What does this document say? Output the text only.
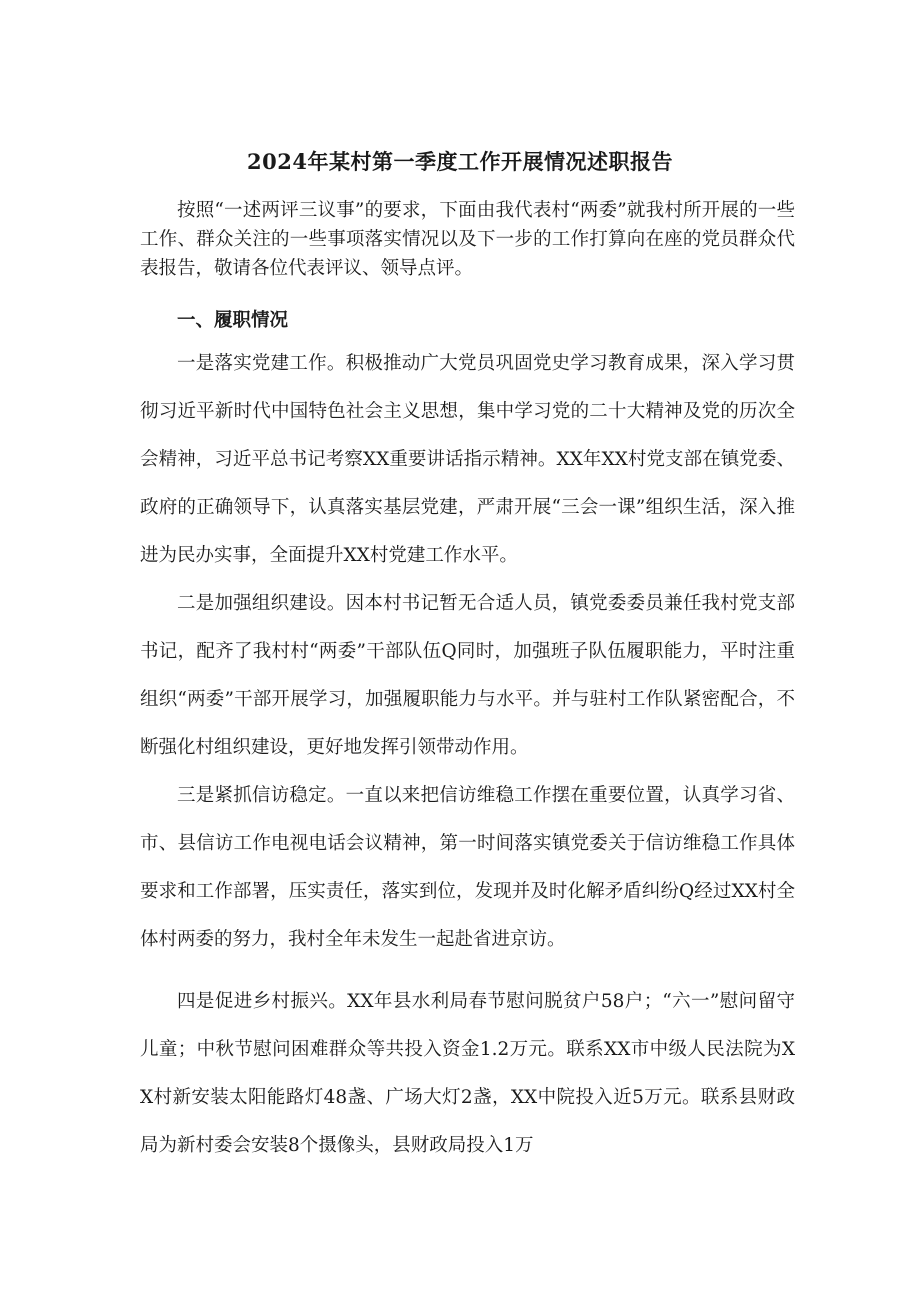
2024年某村第一季度工作开展情况述职报告

按照“一述两评三议事”的要求，下面由我代表村“两委”就我村所开展的一些工作、群众关注的一些事项落实情况以及下一步的工作打算向在座的党员群众代表报告，敬请各位代表评议、领导点评。

一、履职情况

一是落实党建工作。积极推动广大党员巩固党史学习教育成果，深入学习贯彻习近平新时代中国特色社会主义思想，集中学习党的二十大精神及党的历次全会精神，习近平总书记考察XX重要讲话指示精神。XX年XX村党支部在镇党委、政府的正确领导下，认真落实基层党建，严肃开展“三会一课”组织生活，深入推进为民办实事，全面提升XX村党建工作水平。

二是加强组织建设。因本村书记暂无合适人员，镇党委委员兼任我村党支部书记，配齐了我村村“两委”干部队伍Q同时，加强班子队伍履职能力，平时注重组织“两委”干部开展学习，加强履职能力与水平。并与驻村工作队紧密配合，不断强化村组织建设，更好地发挥引领带动作用。

三是紧抓信访稳定。一直以来把信访维稳工作摆在重要位置，认真学习省、市、县信访工作电视电话会议精神，第一时间落实镇党委关于信访维稳工作具体要求和工作部署，压实责任，落实到位，发现并及时化解矛盾纠纷Q经过XX村全体村两委的努力，我村全年未发生一起赴省进京访。

四是促进乡村振兴。XX年县水利局春节慰问脱贫户58户；“六一”慰问留守儿童；中秋节慰问困难群众等共投入资金1.2万元。联系XX市中级人民法院为XX村新安装太阳能路灯48盏、广场大灯2盏，XX中院投入近5万元。联系县财政局为新村委会安装8个摄像头，县财政局投入1万
